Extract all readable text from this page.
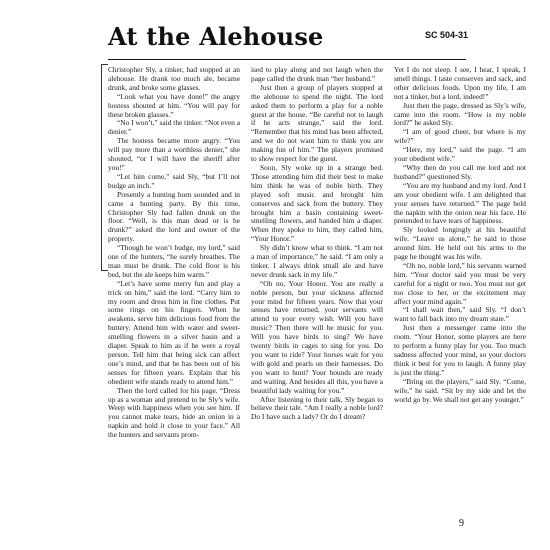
At the Alehouse	SC 504-31

Christopher Sly, a tinker, had stopped at an alehouse. He drank too much ale, became drunk, and broke some glasses.

“Look what you have done!” the angry hostess shouted at him. “You will pay for these broken glasses.”

“No I won’t,” said the tinker. “Not even a denier.”

The hostess became more angry. “You will pay more than a worthless denier,” she shouted, “or I will have the sheriff after you!”

“Let him come,” said Sly, “but I’ll not budge an inch.”

Presently a hunting horn sounded and in came a hunting party. By this time, Christopher Sly had fallen drunk on the floor. “Well, is this man dead or is he drunk?” asked the lord and owner of the property.

“Though he won’t budge, my lord,” said one of the hunters, “he surely breathes. The man must be drunk. The cold floor is his bed, but the ale keeps him warm.”

“Let’s have some merry fun and play a trick on him,” said the lord. “Carry him to my room and dress him in fine clothes. Put some rings on his fingers. When he awakens, serve him delicious food from the buttery. Attend him with water and sweet-smelling flowers in a silver basin and a diaper. Speak to him as if he were a royal person. Tell him that being sick can affect one’s mind, and that he has been out of his senses for fifteen years. Explain that his obedient wife stands ready to attend him.”

Then the lord called for his page. “Dress up as a woman and pretend to be Sly’s wife. Weep with happiness when you see him. If you cannot make tears, hide an onion in a napkin and hold it close to your face.” All the hunters and servants prom-

ised to play along and not laugh when the page called the drunk man “her husband.”

Just then a group of players stopped at the alehouse to spend the night. The lord asked them to perform a play for a noble guest at the house. “Be careful not to laugh if he acts strange,” said the lord. “Remember that his mind has been affected, and we do not want him to think you are making fun of him.” The players promised to show respect for the guest.

Soon, Sly woke up in a strange bed. Those attending him did their best to make him think he was of noble birth. They played soft music and brought him conserves and sack from the buttery. They brought him a basin containing sweet-smelling flowers, and handed him a diaper. When they spoke to him, they called him, “Your Honor.”

Sly didn’t know what to think. “I am not a man of importance,” he said. “I am only a tinker. I always drink small ale and have never drunk sack in my life.”

“Oh no, Your Honor. You are really a noble person, but your sickness affected your mind for fifteen years. Now that your senses have returned, your servants will attend to your every wish. Will you have music? Then there will be music for you. Will you have birds to sing? We have twenty birds in cages to sing for you. Do you want to ride? Your horses wait for you with gold and pearls on their harnesses. Do you want to hunt? Your hounds are ready and waiting. And besides all this, you have a beautiful lady waiting for you.”

After listening to their talk, Sly began to believe their tale. “Am I really a noble lord? Do I have such a lady? Or do I dream?

Yet I do not sleep. I see, I hear, I speak, I smell things. I taste conserves and sack, and other delicious foods. Upon my life, I am not a tinker, but a lord, indeed!”

Just then the page, dressed as Sly’s wife, came into the room. “How is my noble lord?” he asked Sly.

“I am of good cheer, but where is my wife?”

“Here, my lord,” said the page. “I am your obedient wife.”

“Why then do you call me lord and not husband?” questioned Sly.

“You are my husband and my lord. And I am your obedient wife. I am delighted that your senses have returned.” The page held the napkin with the onion near his face. He pretended to have tears of happiness.

Sly looked longingly at his beautiful wife. “Leave us alone,” he said to those around him. He held out his arms to the page he thought was his wife.

“Oh no, noble lord,” his servants warned him. “Your doctor said you must be very careful for a night or two. You must not get too close to her, or the excitement may affect your mind again.”

“I shall wait then,” said Sly. “I don’t want to fall back into my dream state.”

Just then a messenger came into the room. “Your Honor, some players are here to perform a funny play for you. Too much sadness affected your mind, so your doctors think it best for you to laugh. A funny play is just the thing.”

“Bring on the players,” said Sly. “Come, wife,” he said. “Sit by my side and let the world go by. We shall not get any younger.”

9
